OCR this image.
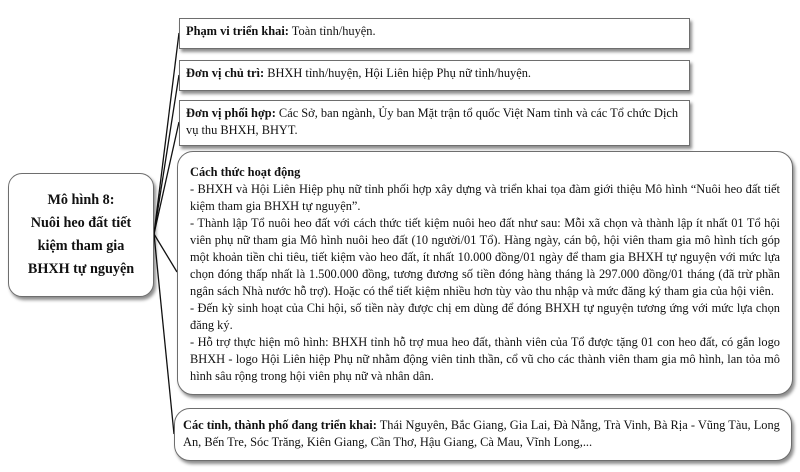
Mô hình 8:
Nuôi heo đất tiết kiệm tham gia BHXH tự nguyện
Phạm vi triển khai: Toàn tỉnh/huyện.
Đơn vị chủ trì: BHXH tỉnh/huyện, Hội Liên hiệp Phụ nữ tỉnh/huyện.
Đơn vị phối hợp: Các Sở, ban ngành, Ủy ban Mặt trận tổ quốc Việt Nam tỉnh và các Tổ chức Dịch vụ thu BHXH, BHYT.
Cách thức hoạt động
- BHXH và Hội Liên Hiệp phụ nữ tỉnh phối hợp xây dựng và triển khai tọa đàm giới thiệu Mô hình “Nuôi heo đất tiết kiệm tham gia BHXH tự nguyện”.
- Thành lập Tổ nuôi heo đất với cách thức tiết kiệm nuôi heo đất như sau: Mỗi xã chọn và thành lập ít nhất 01 Tổ hội viên phụ nữ tham gia Mô hình nuôi heo đất (10 người/01 Tổ). Hàng ngày, cán bộ, hội viên tham gia mô hình tích góp một khoản tiền chi tiêu, tiết kiệm vào heo đất, ít nhất 10.000 đồng/01 ngày để tham gia BHXH tự nguyện với mức lựa chọn đóng thấp nhất là 1.500.000 đồng, tương đương số tiền đóng hàng tháng là 297.000 đồng/01 tháng (đã trừ phần ngân sách Nhà nước hỗ trợ). Hoặc có thể tiết kiệm nhiều hơn tùy vào thu nhập và mức đăng ký tham gia của hội viên.
- Đến kỳ sinh hoạt của Chi hội, số tiền này được chị em dùng để đóng BHXH tự nguyện tương ứng với mức lựa chọn đăng ký.
- Hỗ trợ thực hiện mô hình: BHXH tỉnh hỗ trợ mua heo đất, thành viên của Tổ được tặng 01 con heo đất, có gắn logo BHXH - logo Hội Liên hiệp Phụ nữ nhằm động viên tinh thần, cổ vũ cho các thành viên tham gia mô hình, lan tỏa mô hình sâu rộng trong hội viên phụ nữ và nhân dân.
Các tỉnh, thành phố đang triển khai: Thái Nguyên, Bắc Giang, Gia Lai, Đà Nẵng, Trà Vinh, Bà Rịa - Vũng Tàu, Long An, Bến Tre, Sóc Trăng, Kiên Giang, Cần Thơ, Hậu Giang, Cà Mau, Vĩnh Long,...
